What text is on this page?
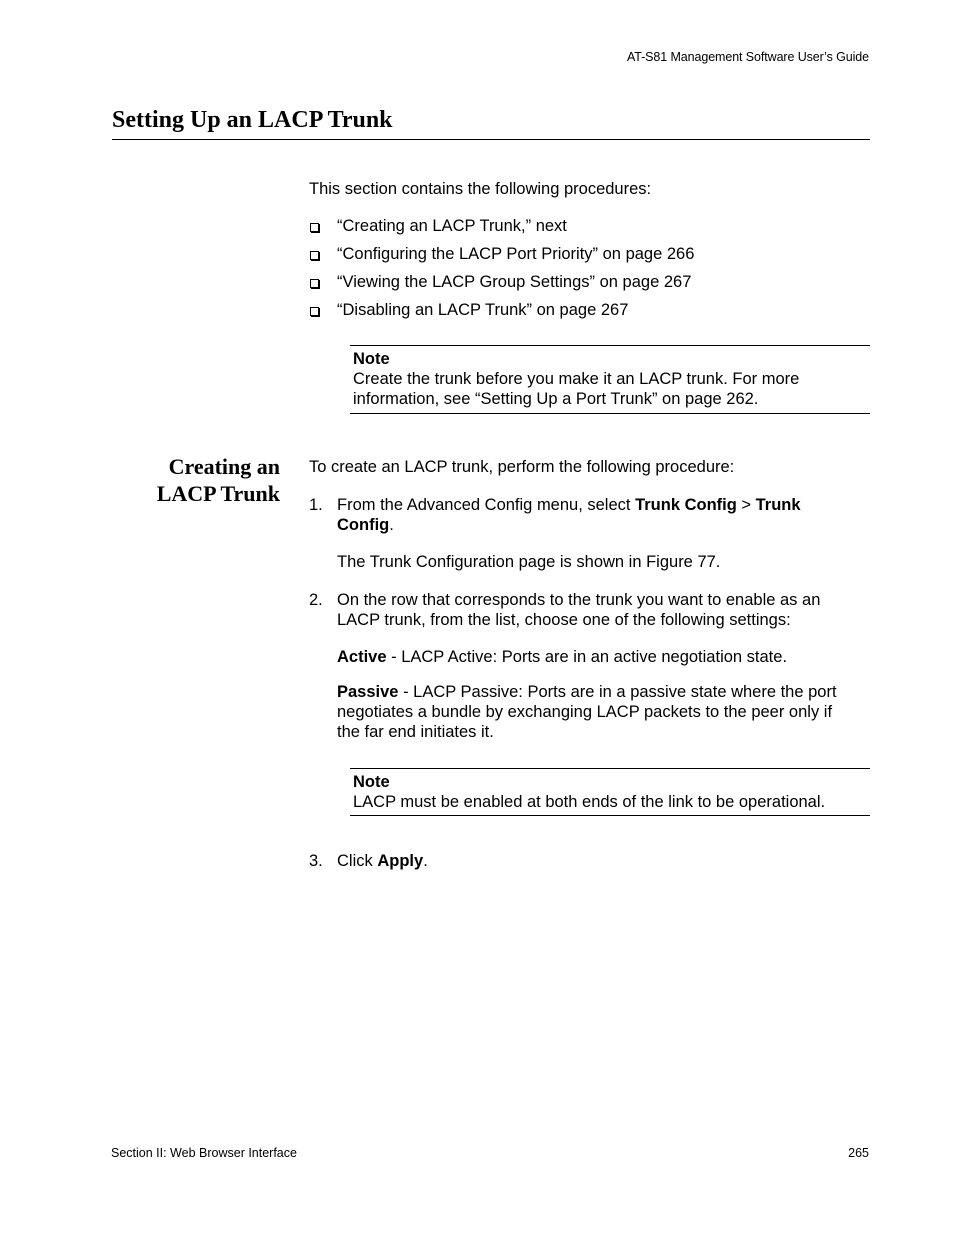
AT-S81 Management Software User’s Guide
Setting Up an LACP Trunk
This section contains the following procedures:
“Creating an LACP Trunk,” next
“Configuring the LACP Port Priority” on page 266
“Viewing the LACP Group Settings” on page 267
“Disabling an LACP Trunk” on page 267
Note
Create the trunk before you make it an LACP trunk. For more
information, see “Setting Up a Port Trunk” on page 262.
Creating an
LACP Trunk
To create an LACP trunk, perform the following procedure:
1. From the Advanced Config menu, select Trunk Config > Trunk
Config.
The Trunk Configuration page is shown in Figure 77.
2. On the row that corresponds to the trunk you want to enable as an
LACP trunk, from the list, choose one of the following settings:
Active - LACP Active: Ports are in an active negotiation state.
Passive - LACP Passive: Ports are in a passive state where the port
negotiates a bundle by exchanging LACP packets to the peer only if
the far end initiates it.
Note
LACP must be enabled at both ends of the link to be operational.
3. Click Apply.
Section II: Web Browser Interface	265
